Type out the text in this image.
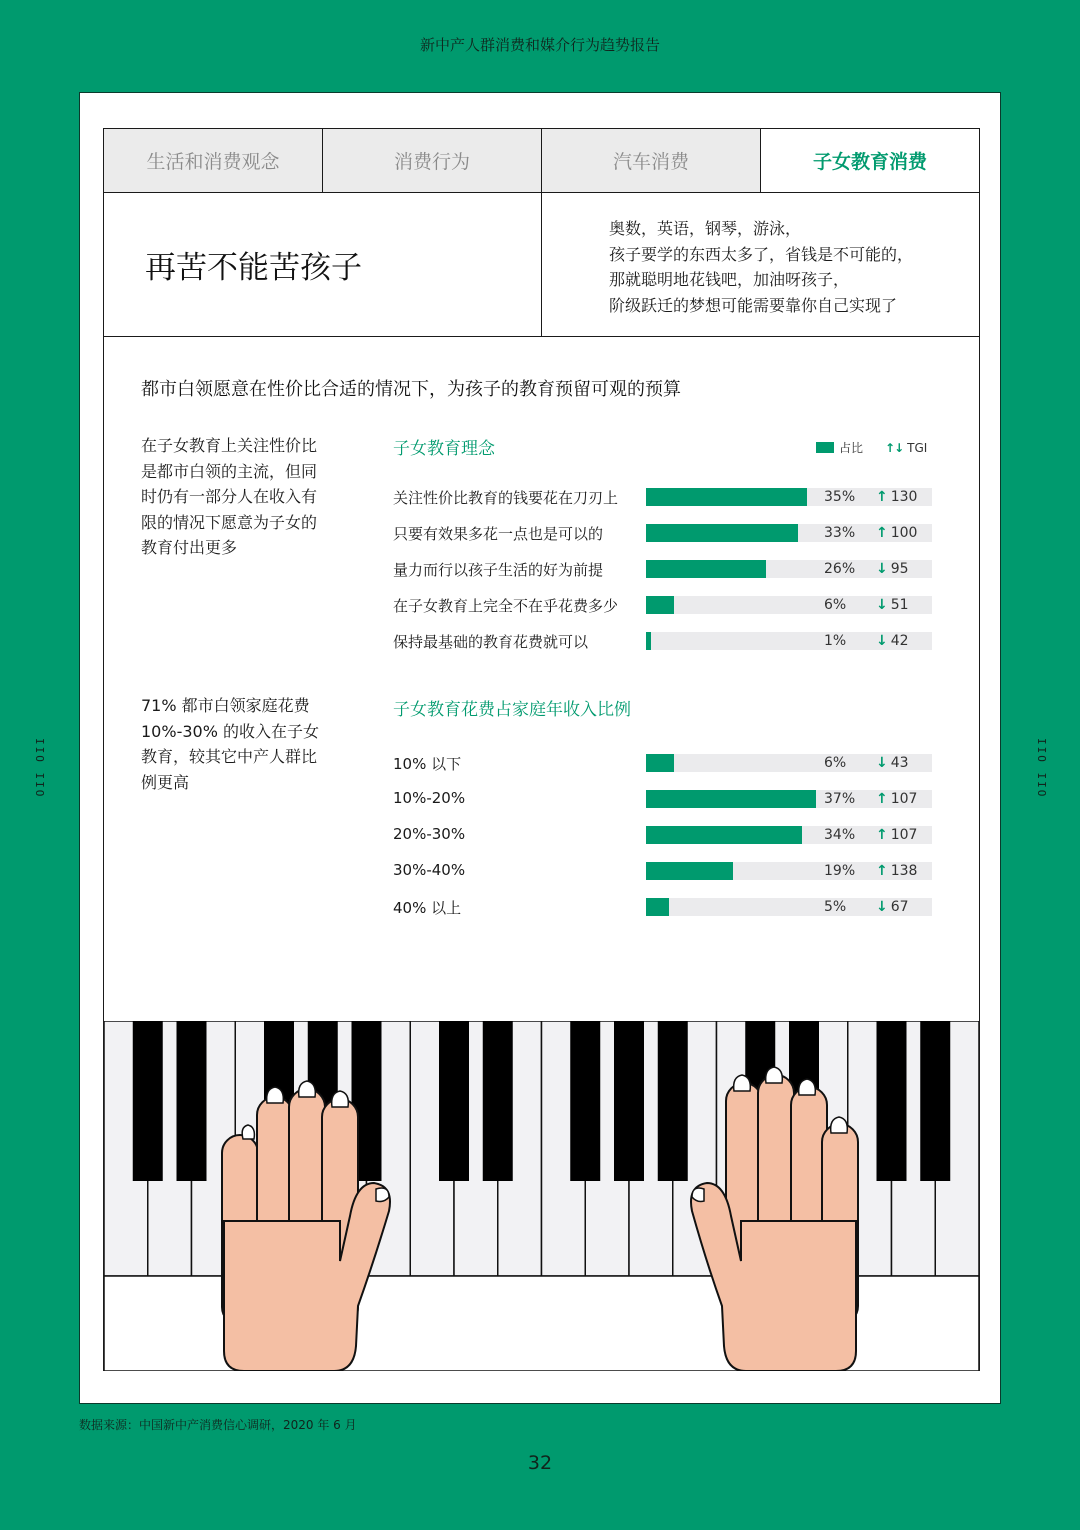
新中产人群消费和媒介行为趋势报告
IIO IIO	IIO IIO
生活和消费观念	消费行为	汽车消费	子女教育消费
再苦不能苦孩子
奥数，英语，钢琴，游泳，
孩子要学的东西太多了，省钱是不可能的，
那就聪明地花钱吧，加油呀孩子，
阶级跃迁的梦想可能需要靠你自己实现了
都市白领愿意在性价比合适的情况下，为孩子的教育预留可观的预算
在子女教育上关注性价比
是都市白领的主流，但同
时仍有一部分人在收入有
限的情况下愿意为子女的
教育付出更多
71% 都市白领家庭花费
10%-30% 的收入在子女
教育，较其它中产人群比
例更高
子女教育理念	占比 ↑↓ TGI
关注性价比教育的钱要花在刀刃上	35% ↑ 130
只要有效果多花一点也是可以的	33% ↑ 100
量力而行以孩子生活的好为前提	26% ↓ 95
在子女教育上完全不在乎花费多少	6% ↓ 51
保持最基础的教育花费就可以	1% ↓ 42
子女教育花费占家庭年收入比例
10% 以下	6% ↓ 43
10%-20%	37% ↑ 107
20%-30%	34% ↑ 107
30%-40%	19% ↑ 138
40% 以上	5% ↓ 67
数据来源：中国新中产消费信心调研，2020 年 6 月
32
